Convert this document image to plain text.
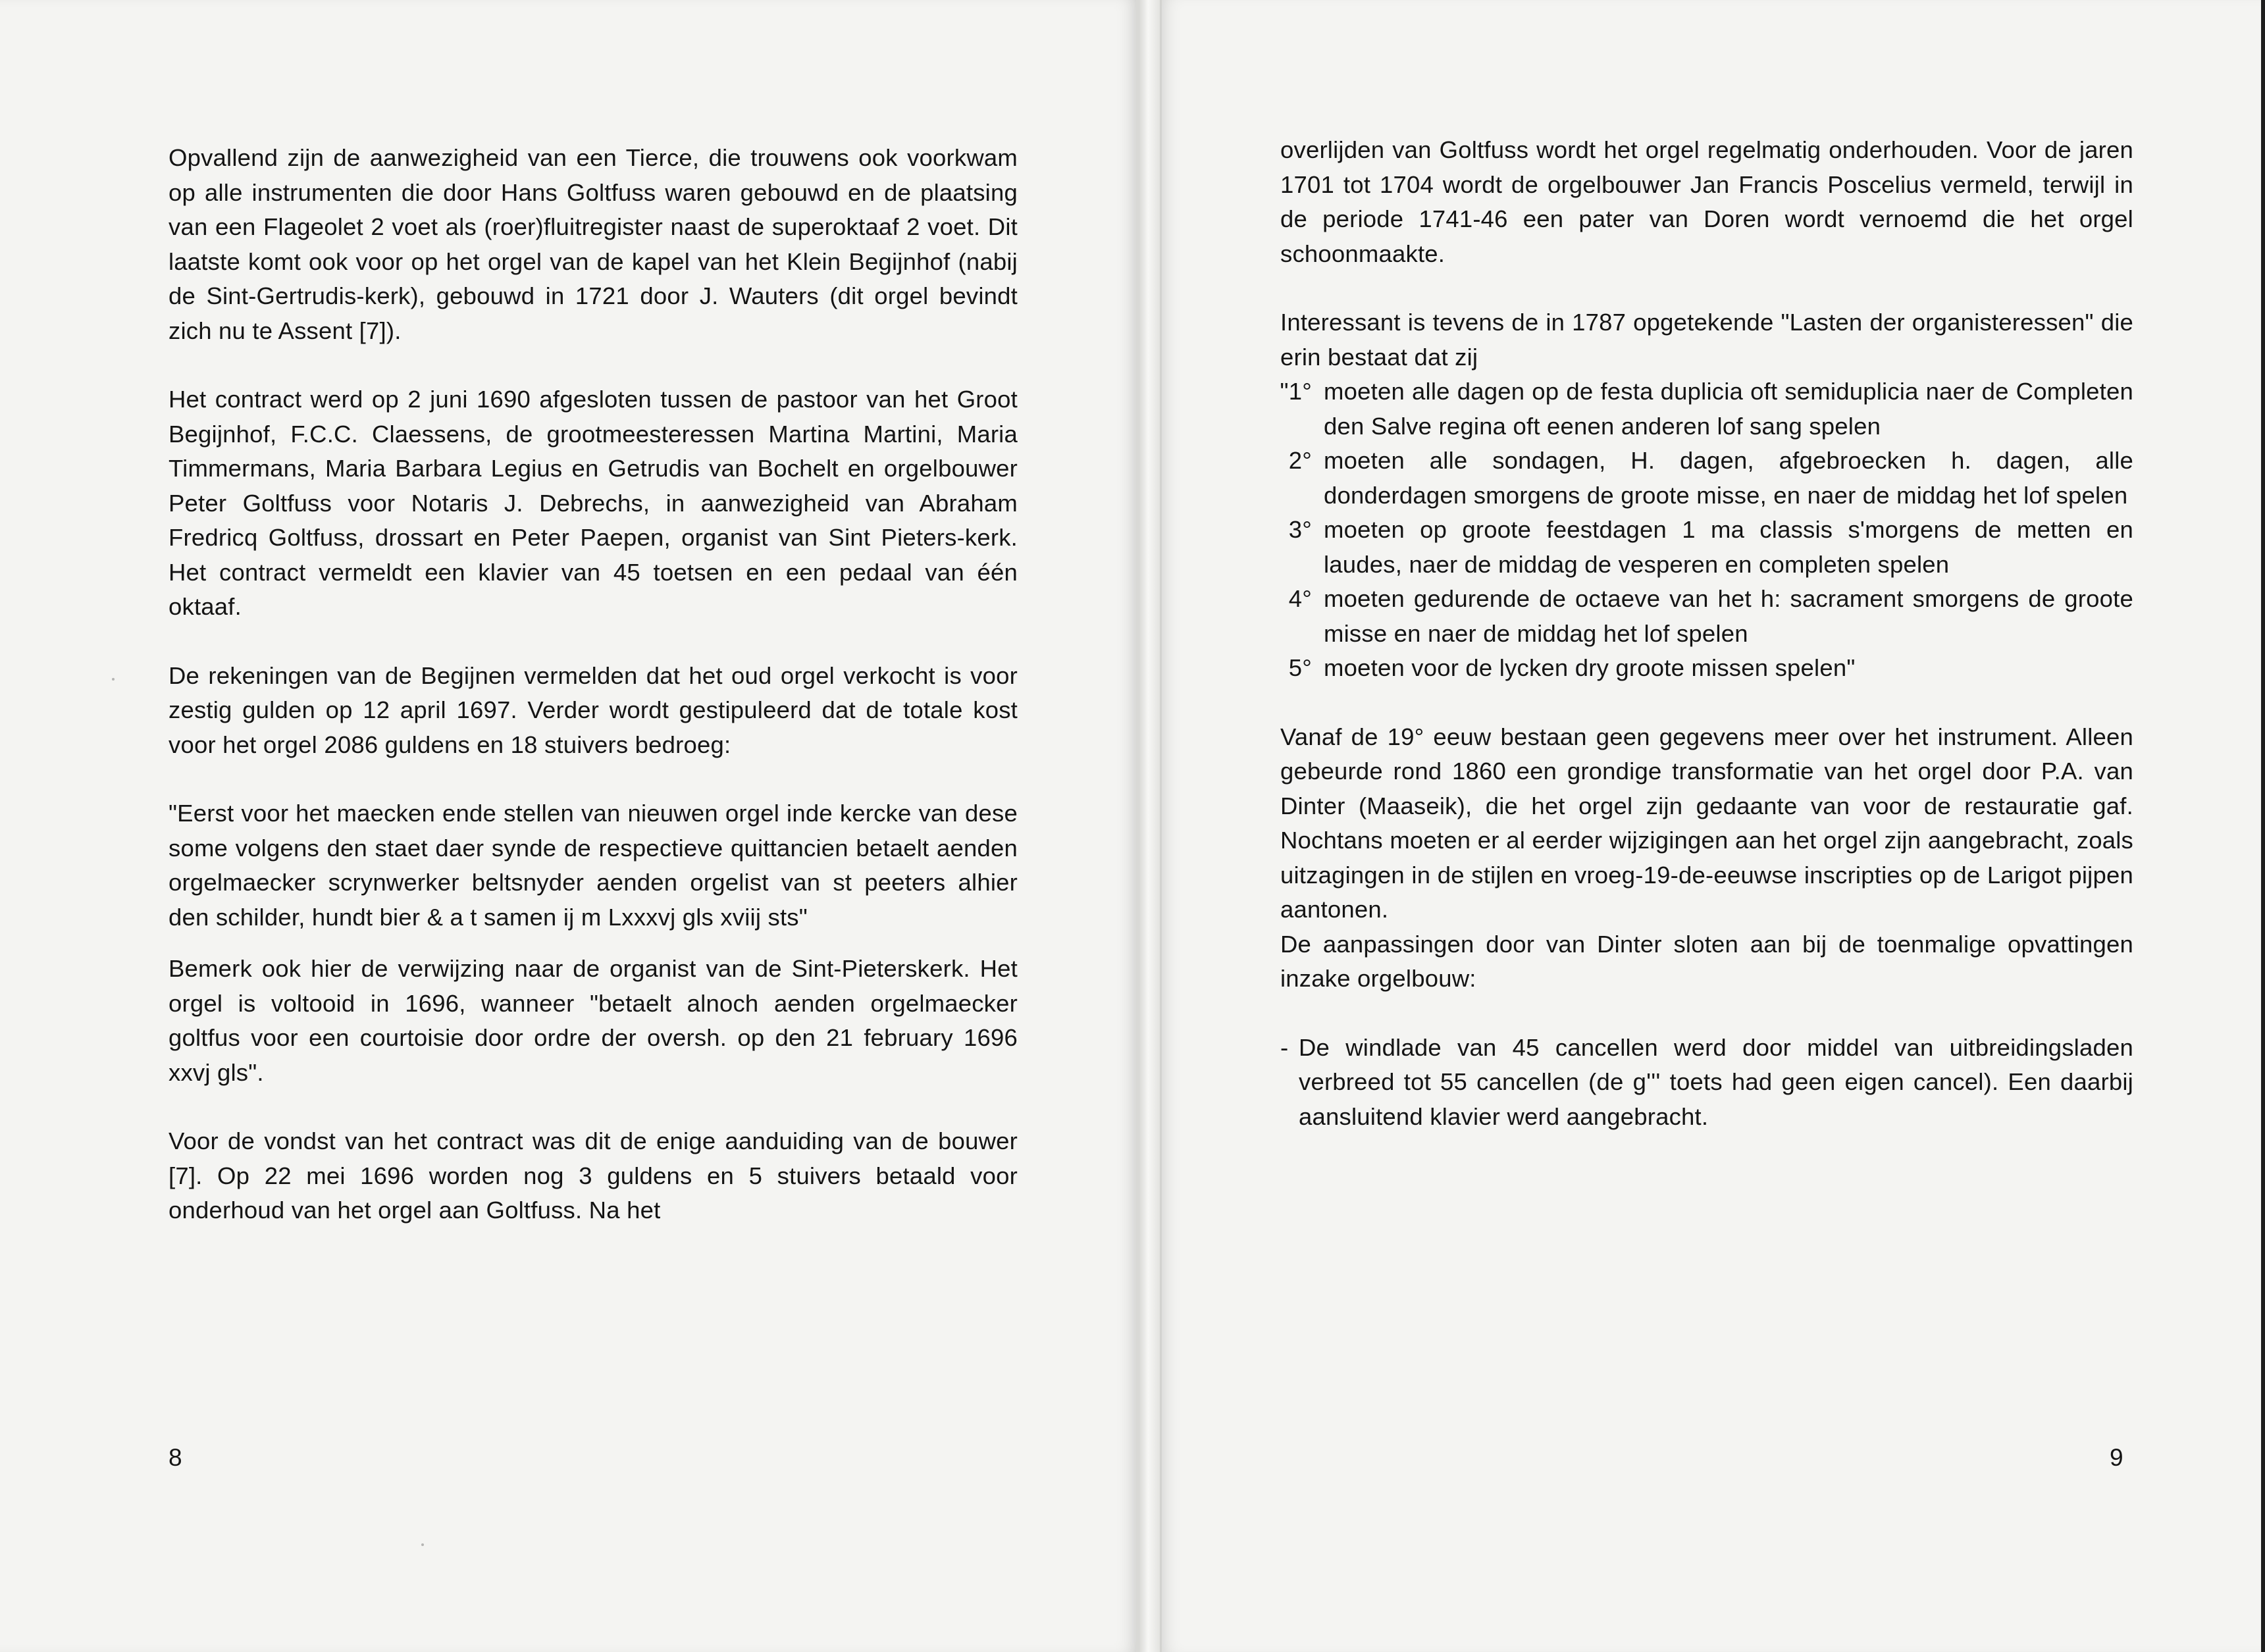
Opvallend zijn de aanwezigheid van een Tierce, die trouwens ook voorkwam op alle instrumenten die door Hans Goltfuss waren gebouwd en de plaatsing van een Flageolet 2 voet als (roer)fluitregister naast de superoktaaf 2 voet. Dit laatste komt ook voor op het orgel van de kapel van het Klein Begijnhof (nabij de Sint-Gertrudis-kerk), gebouwd in 1721 door J. Wauters (dit orgel bevindt zich nu te Assent [7]).

Het contract werd op 2 juni 1690 afgesloten tussen de pastoor van het Groot Begijnhof, F.C.C. Claessens, de grootmeesteressen Martina Martini, Maria Timmermans, Maria Barbara Legius en Getrudis van Bochelt en orgelbouwer Peter Goltfuss voor Notaris J. Debrechs, in aanwezigheid van Abraham Fredricq Goltfuss, drossart en Peter Paepen, organist van Sint Pieters-kerk. Het contract vermeldt een klavier van 45 toetsen en een pedaal van één oktaaf.

De rekeningen van de Begijnen vermelden dat het oud orgel verkocht is voor zestig gulden op 12 april 1697. Verder wordt gestipuleerd dat de totale kost voor het orgel 2086 guldens en 18 stuivers bedroeg:

"Eerst voor het maecken ende stellen van nieuwen orgel inde kercke van dese some volgens den staet daer synde de respectieve quittancien betaelt aenden orgelmaecker scrynwerker beltsnyder aenden orgelist van st peeters alhier den schilder, hundt bier & a t samen ij m Lxxxvj gls xviij sts"

Bemerk ook hier de verwijzing naar de organist van de Sint-Pieterskerk. Het orgel is voltooid in 1696, wanneer "betaelt alnoch aenden orgelmaecker goltfus voor een courtoisie door ordre der oversh. op den 21 february 1696 xxvj gls".

Voor de vondst van het contract was dit de enige aanduiding van de bouwer [7]. Op 22 mei 1696 worden nog 3 guldens en 5 stuivers betaald voor onderhoud van het orgel aan Goltfuss. Na het

8

overlijden van Goltfuss wordt het orgel regelmatig onderhouden. Voor de jaren 1701 tot 1704 wordt de orgelbouwer Jan Francis Poscelius vermeld, terwijl in de periode 1741-46 een pater van Doren wordt vernoemd die het orgel schoonmaakte.

Interessant is tevens de in 1787 opgetekende "Lasten der organisteressen" die erin bestaat dat zij

"1° moeten alle dagen op de festa duplicia oft semiduplicia naer de Completen den Salve regina oft eenen anderen lof sang spelen
2° moeten alle sondagen, H. dagen, afgebroecken h. dagen, alle donderdagen smorgens de groote misse, en naer de middag het lof spelen
3° moeten op groote feestdagen 1 ma classis s'morgens de metten en laudes, naer de middag de vesperen en completen spelen
4° moeten gedurende de octaeve van het h: sacrament smorgens de groote misse en naer de middag het lof spelen
5° moeten voor de lycken dry groote missen spelen"

Vanaf de 19° eeuw bestaan geen gegevens meer over het instrument. Alleen gebeurde rond 1860 een grondige transformatie van het orgel door P.A. van Dinter (Maaseik), die het orgel zijn gedaante van voor de restauratie gaf. Nochtans moeten er al eerder wijzigingen aan het orgel zijn aangebracht, zoals uitzagingen in de stijlen en vroeg-19-de-eeuwse inscripties op de Larigot pijpen aantonen.

De aanpassingen door van Dinter sloten aan bij de toenmalige opvattingen inzake orgelbouw:

- De windlade van 45 cancellen werd door middel van uitbreidingsladen verbreed tot 55 cancellen (de g''' toets had geen eigen cancel). Een daarbij aansluitend klavier werd aangebracht.
9
